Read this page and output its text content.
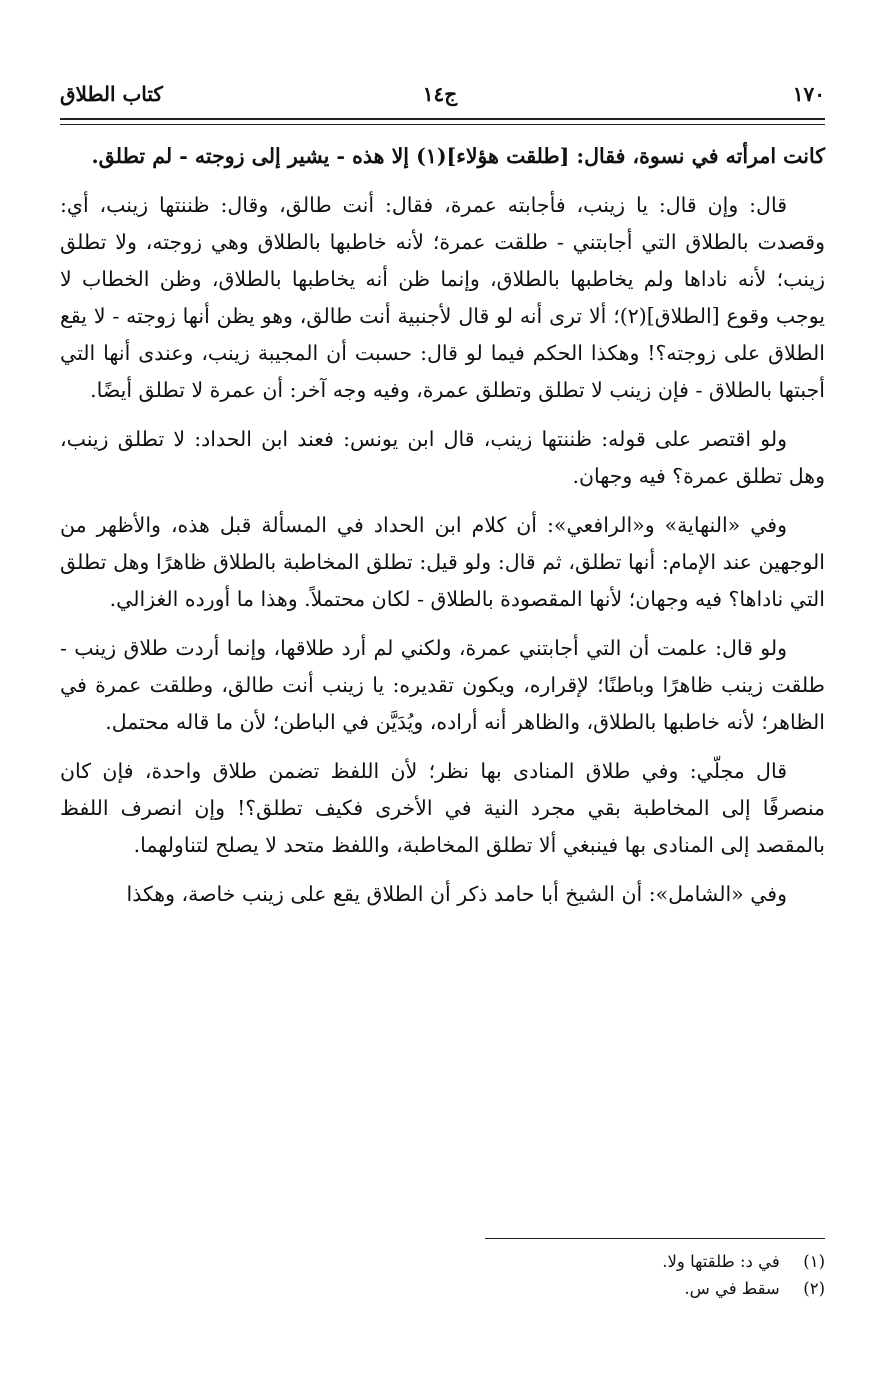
١٧٠
ج١٤
كتاب الطلاق

كانت امرأته في نسوة، فقال: [طلقت هؤلاء](١) إلا هذه - يشير إلى زوجته - لم تطلق.

قال: وإن قال: يا زينب، فأجابته عمرة، فقال: أنت طالق، وقال: ظننتها زينب، أي: وقصدت بالطلاق التي أجابتني - طلقت عمرة؛ لأنه خاطبها بالطلاق وهي زوجته، ولا تطلق زينب؛ لأنه ناداها ولم يخاطبها بالطلاق، وإنما ظن أنه يخاطبها بالطلاق، وظن الخطاب لا يوجب وقوع [الطلاق](٢)؛ ألا ترى أنه لو قال لأجنبية أنت طالق، وهو يظن أنها زوجته - لا يقع الطلاق على زوجته؟! وهكذا الحكم فيما لو قال: حسبت أن المجيبة زينب، وعندى أنها التي أجبتها بالطلاق - فإن زينب لا تطلق وتطلق عمرة، وفيه وجه آخر: أن عمرة لا تطلق أيضًا.

ولو اقتصر على قوله: ظننتها زينب، قال ابن يونس: فعند ابن الحداد: لا تطلق زينب، وهل تطلق عمرة؟ فيه وجهان.

وفي «النهاية» و«الرافعي»: أن كلام ابن الحداد في المسألة قبل هذه، والأظهر من الوجهين عند الإمام: أنها تطلق، ثم قال: ولو قيل: تطلق المخاطبة بالطلاق ظاهرًا وهل تطلق التي ناداها؟ فيه وجهان؛ لأنها المقصودة بالطلاق - لكان محتملاً. وهذا ما أورده الغزالي.

ولو قال: علمت أن التي أجابتني عمرة، ولكني لم أرد طلاقها، وإنما أردت طلاق زينب - طلقت زينب ظاهرًا وباطنًا؛ لإقراره، ويكون تقديره: يا زينب أنت طالق، وطلقت عمرة في الظاهر؛ لأنه خاطبها بالطلاق، والظاهر أنه أراده، ويُدَيَّن في الباطن؛ لأن ما قاله محتمل.

قال مجلّي: وفي طلاق المنادى بها نظر؛ لأن اللفظ تضمن طلاق واحدة، فإن كان منصرفًا إلى المخاطبة بقي مجرد النية في الأخرى فكيف تطلق؟! وإن انصرف اللفظ بالمقصد إلى المنادى بها فينبغي ألا تطلق المخاطبة، واللفظ متحد لا يصلح لتناولهما.

وفي «الشامل»: أن الشيخ أبا حامد ذكر أن الطلاق يقع على زينب خاصة، وهكذا

(١) في د: طلقتها ولا.
(٢) سقط في س.
